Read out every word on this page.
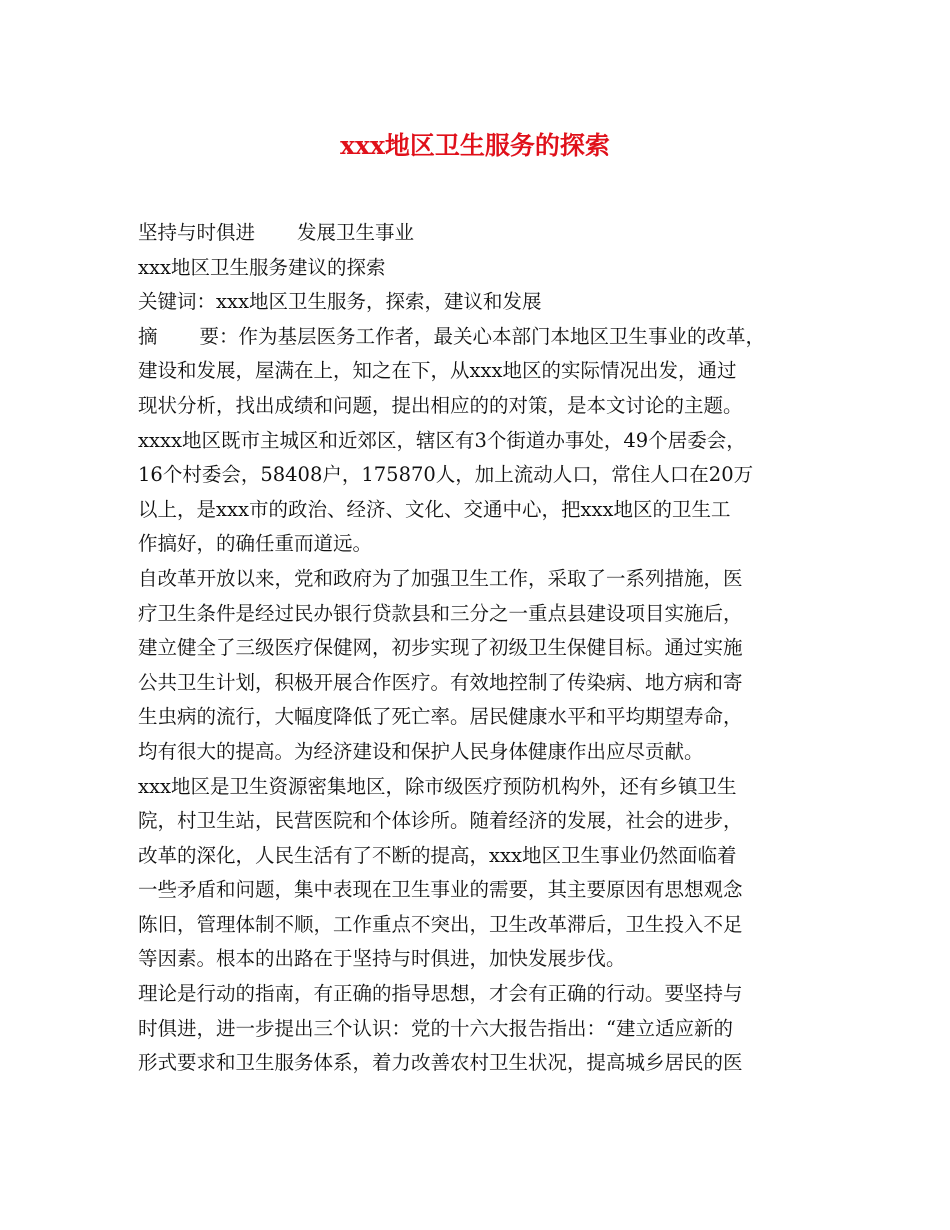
xxx地区卫生服务的探索
坚持与时俱进 发展卫生事业
xxx地区卫生服务建议的探索
关键词：xxx地区卫生服务，探索，建议和发展
摘 要：作为基层医务工作者，最关心本部门本地区卫生事业的改革，
建设和发展，屋满在上，知之在下，从xxx地区的实际情况出发，通过
现状分析，找出成绩和问题，提出相应的的对策，是本文讨论的主题。
xxxx地区既市主城区和近郊区，辖区有3个街道办事处，49个居委会，
16个村委会，58408户，175870人，加上流动人口，常住人口在20万
以上，是xxx市的政治、经济、文化、交通中心，把xxx地区的卫生工
作搞好，的确任重而道远。
自改革开放以来，党和政府为了加强卫生工作，采取了一系列措施，医
疗卫生条件是经过民办银行贷款县和三分之一重点县建设项目实施后，
建立健全了三级医疗保健网，初步实现了初级卫生保健目标。通过实施
公共卫生计划，积极开展合作医疗。有效地控制了传染病、地方病和寄
生虫病的流行，大幅度降低了死亡率。居民健康水平和平均期望寿命，
均有很大的提高。为经济建设和保护人民身体健康作出应尽贡献。
xxx地区是卫生资源密集地区，除市级医疗预防机构外，还有乡镇卫生
院，村卫生站，民营医院和个体诊所。随着经济的发展，社会的进步，
改革的深化，人民生活有了不断的提高，xxx地区卫生事业仍然面临着
一些矛盾和问题，集中表现在卫生事业的需要，其主要原因有思想观念
陈旧，管理体制不顺，工作重点不突出，卫生改革滞后，卫生投入不足
等因素。根本的出路在于坚持与时俱进，加快发展步伐。
理论是行动的指南，有正确的指导思想，才会有正确的行动。要坚持与
时俱进，进一步提出三个认识：党的十六大报告指出：“建立适应新的
形式要求和卫生服务体系，着力改善农村卫生状况，提高城乡居民的医
